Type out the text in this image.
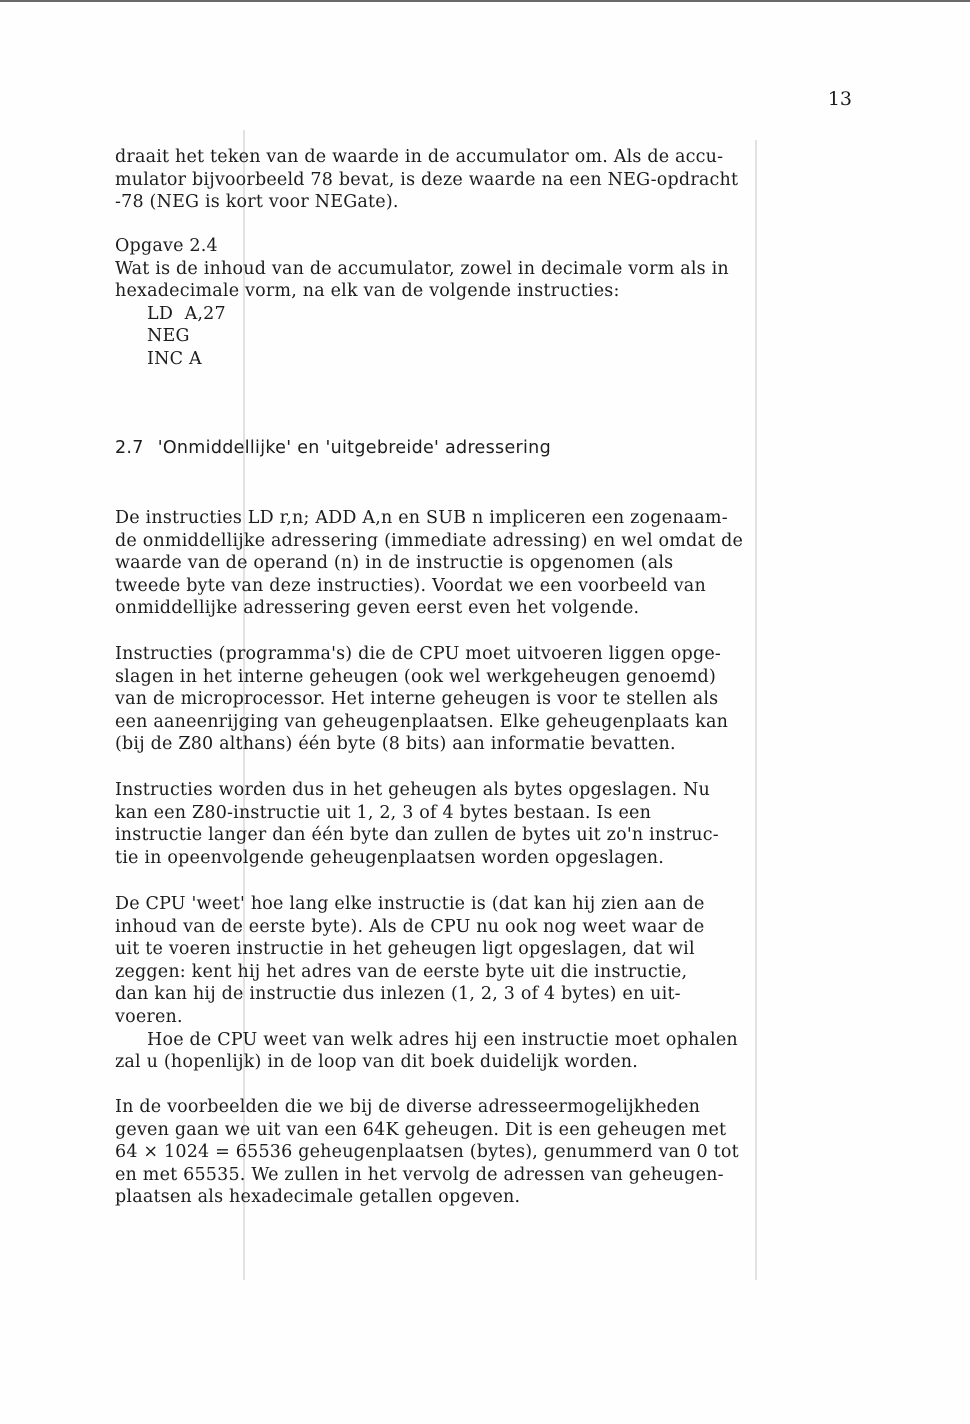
13

draait het teken van de waarde in de accumulator om. Als de accu-
mulator bijvoorbeeld 78 bevat, is deze waarde na een NEG-opdracht
-78 (NEG is kort voor NEGate).

Opgave 2.4
Wat is de inhoud van de accumulator, zowel in decimale vorm als in
hexadecimale vorm, na elk van de volgende instructies:
LD  A,27
NEG
INC A
2.7 'Onmiddellijke' en 'uitgebreide' adressering

De instructies LD r,n; ADD A,n en SUB n impliceren een zogenaam-
de onmiddellijke adressering (immediate adressing) en wel omdat de
waarde van de operand (n) in de instructie is opgenomen (als
tweede byte van deze instructies). Voordat we een voorbeeld van
onmiddellijke adressering geven eerst even het volgende.

Instructies (programma's) die de CPU moet uitvoeren liggen opge-
slagen in het interne geheugen (ook wel werkgeheugen genoemd)
van de microprocessor. Het interne geheugen is voor te stellen als
een aaneenrijging van geheugenplaatsen. Elke geheugenplaats kan
(bij de Z80 althans) één byte (8 bits) aan informatie bevatten.

Instructies worden dus in het geheugen als bytes opgeslagen. Nu
kan een Z80-instructie uit 1, 2, 3 of 4 bytes bestaan. Is een
instructie langer dan één byte dan zullen de bytes uit zo'n instruc-
tie in opeenvolgende geheugenplaatsen worden opgeslagen.

De CPU 'weet' hoe lang elke instructie is (dat kan hij zien aan de
inhoud van de eerste byte). Als de CPU nu ook nog weet waar de
uit te voeren instructie in het geheugen ligt opgeslagen, dat wil
zeggen: kent hij het adres van de eerste byte uit die instructie,
dan kan hij de instructie dus inlezen (1, 2, 3 of 4 bytes) en uit-
voeren.
Hoe de CPU weet van welk adres hij een instructie moet ophalen
zal u (hopenlijk) in de loop van dit boek duidelijk worden.

In de voorbeelden die we bij de diverse adresseermogelijkheden
geven gaan we uit van een 64K geheugen. Dit is een geheugen met
64 × 1024 = 65536 geheugenplaatsen (bytes), genummerd van 0 tot
en met 65535. We zullen in het vervolg de adressen van geheugen-
plaatsen als hexadecimale getallen opgeven.
